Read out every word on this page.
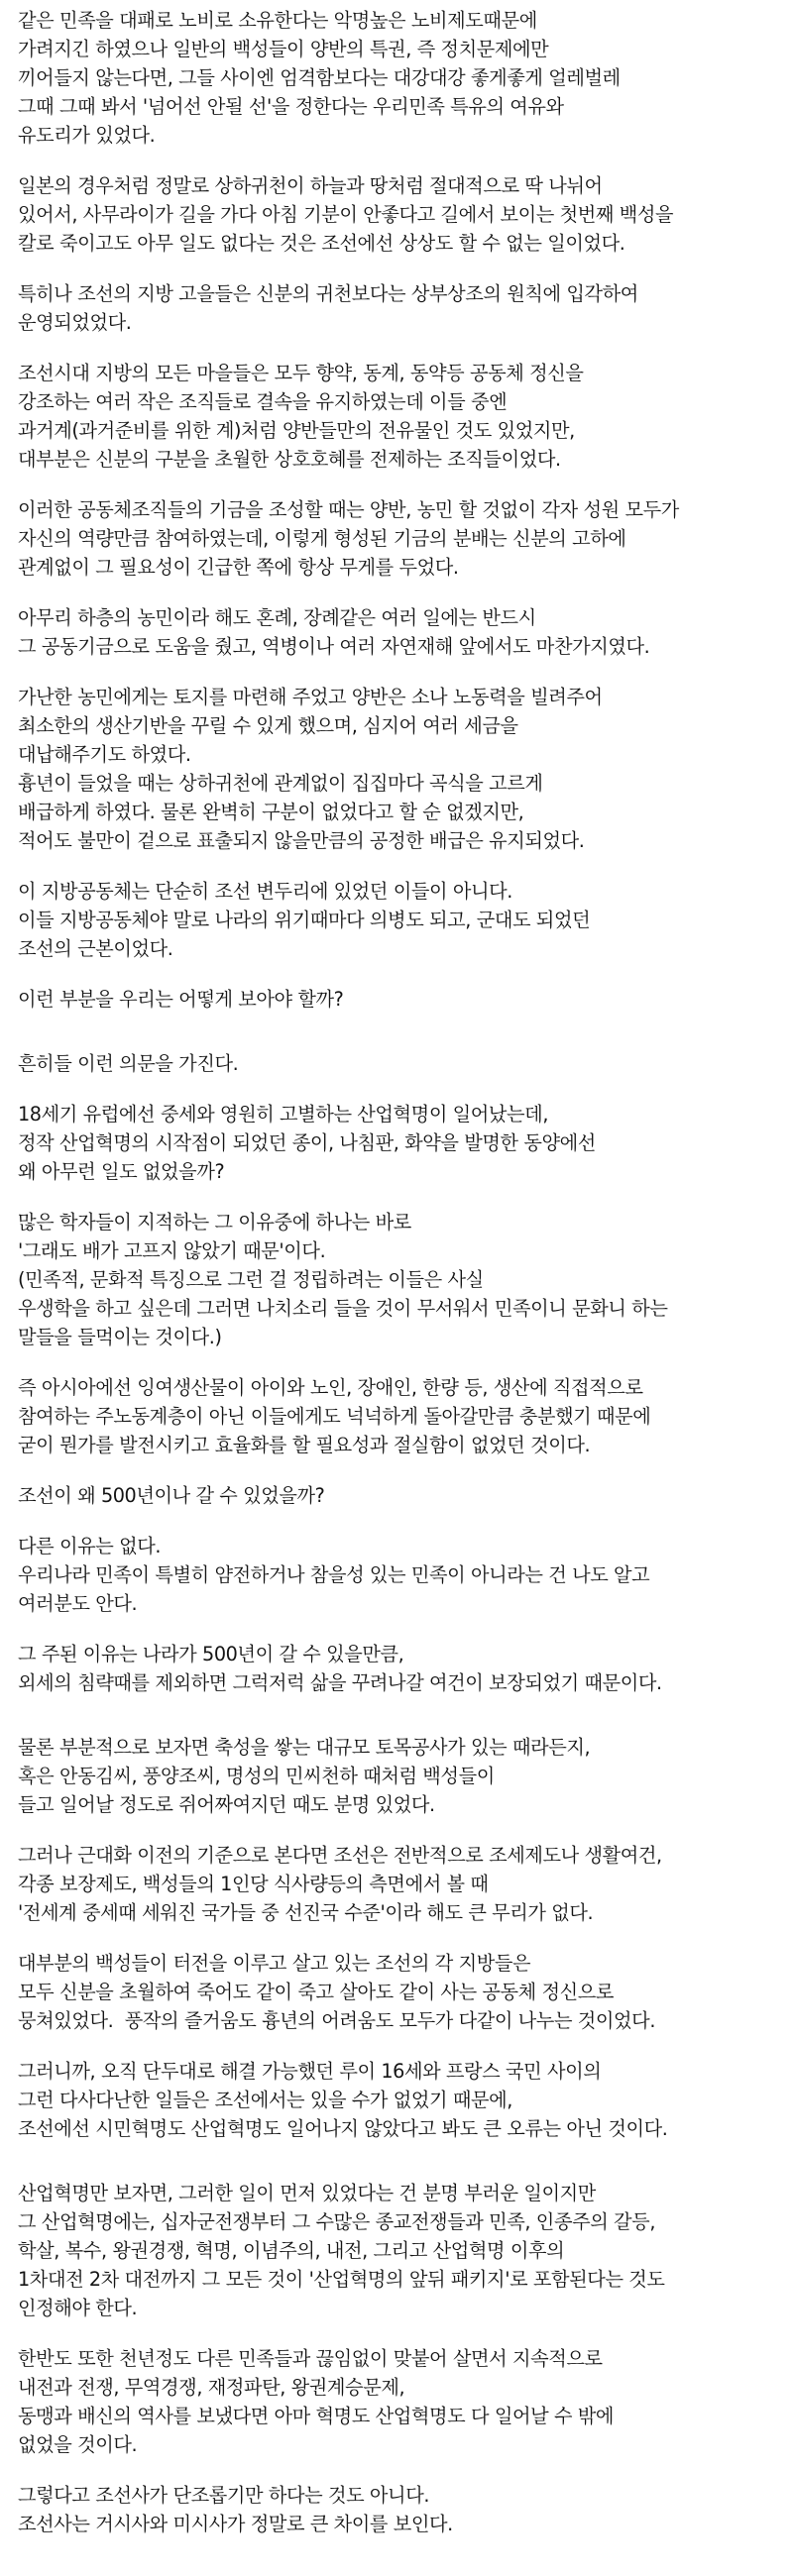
같은 민족을 대패로 노비로 소유한다는 악명높은 노비제도때문에
가려지긴 하였으나 일반의 백성들이 양반의 특권, 즉 정치문제에만
끼어들지 않는다면, 그들 사이엔 엄격함보다는 대강대강 좋게좋게 얼레벌레
그때 그때 봐서 '넘어선 안될 선'을 정한다는 우리민족 특유의 여유와
유도리가 있었다.

일본의 경우처럼 정말로 상하귀천이 하늘과 땅처럼 절대적으로 딱 나뉘어
있어서, 사무라이가 길을 가다 아침 기분이 안좋다고 길에서 보이는 첫번째 백성을
칼로 죽이고도 아무 일도 없다는 것은 조선에선 상상도 할 수 없는 일이었다.

특히나 조선의 지방 고을들은 신분의 귀천보다는 상부상조의 원칙에 입각하여
운영되었었다.

조선시대 지방의 모든 마을들은 모두 향약, 동계, 동약등 공동체 정신을
강조하는 여러 작은 조직들로 결속을 유지하였는데 이들 중엔
과거계(과거준비를 위한 계)처럼 양반들만의 전유물인 것도 있었지만,
대부분은 신분의 구분을 초월한 상호호혜를 전제하는 조직들이었다.

이러한 공동체조직들의 기금을 조성할 때는 양반, 농민 할 것없이 각자 성원 모두가
자신의 역량만큼 참여하였는데, 이렇게 형성된 기금의 분배는 신분의 고하에
관계없이 그 필요성이 긴급한 쪽에 항상 무게를 두었다.

아무리 하층의 농민이라 해도 혼례, 장례같은 여러 일에는 반드시
그 공동기금으로 도움을 줬고, 역병이나 여러 자연재해 앞에서도 마찬가지였다.

가난한 농민에게는 토지를 마련해 주었고 양반은 소나 노동력을 빌려주어
최소한의 생산기반을 꾸릴 수 있게 했으며, 심지어 여러 세금을
대납해주기도 하였다.
흉년이 들었을 때는 상하귀천에 관계없이 집집마다 곡식을 고르게
배급하게 하였다. 물론 완벽히 구분이 없었다고 할 순 없겠지만,
적어도 불만이 겉으로 표출되지 않을만큼의 공정한 배급은 유지되었다.

이 지방공동체는 단순히 조선 변두리에 있었던 이들이 아니다.
이들 지방공동체야 말로 나라의 위기때마다 의병도 되고, 군대도 되었던
조선의 근본이었다.

이런 부분을 우리는 어떻게 보아야 할까?

흔히들 이런 의문을 가진다.

18세기 유럽에선 중세와 영원히 고별하는 산업혁명이 일어났는데,
정작 산업혁명의 시작점이 되었던 종이, 나침판, 화약을 발명한 동양에선
왜 아무런 일도 없었을까?

많은 학자들이 지적하는 그 이유중에 하나는 바로
'그래도 배가 고프지 않았기 때문'이다.
(민족적, 문화적 특징으로 그런 걸 정립하려는 이들은 사실
우생학을 하고 싶은데 그러면 나치소리 들을 것이 무서워서 민족이니 문화니 하는
말들을 들먹이는 것이다.)

즉 아시아에선 잉여생산물이 아이와 노인, 장애인, 한량 등, 생산에 직접적으로
참여하는 주노동계층이 아닌 이들에게도 넉넉하게 돌아갈만큼 충분했기 때문에
굳이 뭔가를 발전시키고 효율화를 할 필요성과 절실함이 없었던 것이다.

조선이 왜 500년이나 갈 수 있었을까?

다른 이유는 없다.
우리나라 민족이 특별히 얌전하거나 참을성 있는 민족이 아니라는 건 나도 알고
여러분도 안다.

그 주된 이유는 나라가 500년이 갈 수 있을만큼,
외세의 침략때를 제외하면 그럭저럭 삶을 꾸려나갈 여건이 보장되었기 때문이다.

물론 부분적으로 보자면 축성을 쌓는 대규모 토목공사가 있는 때라든지,
혹은 안동김씨, 풍양조씨, 명성의 민씨천하 때처럼 백성들이
들고 일어날 정도로 쥐어짜여지던 때도 분명 있었다.

그러나 근대화 이전의 기준으로 본다면 조선은 전반적으로 조세제도나 생활여건,
각종 보장제도, 백성들의 1인당 식사량등의 측면에서 볼 때
'전세계 중세때 세워진 국가들 중 선진국 수준'이라 해도 큰 무리가 없다.

대부분의 백성들이 터전을 이루고 살고 있는 조선의 각 지방들은
모두 신분을 초월하여 죽어도 같이 죽고 살아도 같이 사는 공동체 정신으로
뭉쳐있었다.  풍작의 즐거움도 흉년의 어려움도 모두가 다같이 나누는 것이었다.

그러니까, 오직 단두대로 해결 가능했던 루이 16세와 프랑스 국민 사이의
그런 다사다난한 일들은 조선에서는 있을 수가 없었기 때문에,
조선에선 시민혁명도 산업혁명도 일어나지 않았다고 봐도 큰 오류는 아닌 것이다.

산업혁명만 보자면, 그러한 일이 먼저 있었다는 건 분명 부러운 일이지만
그 산업혁명에는, 십자군전쟁부터 그 수많은 종교전쟁들과 민족, 인종주의 갈등,
학살, 복수, 왕권경쟁, 혁명, 이념주의, 내전, 그리고 산업혁명 이후의
1차대전 2차 대전까지 그 모든 것이 '산업혁명의 앞뒤 패키지'로 포함된다는 것도
인정해야 한다.

한반도 또한 천년정도 다른 민족들과 끊임없이 맞붙어 살면서 지속적으로
내전과 전쟁, 무역경쟁, 재정파탄, 왕권계승문제,
동맹과 배신의 역사를 보냈다면 아마 혁명도 산업혁명도 다 일어날 수 밖에
없었을 것이다.

그렇다고 조선사가 단조롭기만 하다는 것도 아니다.
조선사는 거시사와 미시사가 정말로 큰 차이를 보인다.
